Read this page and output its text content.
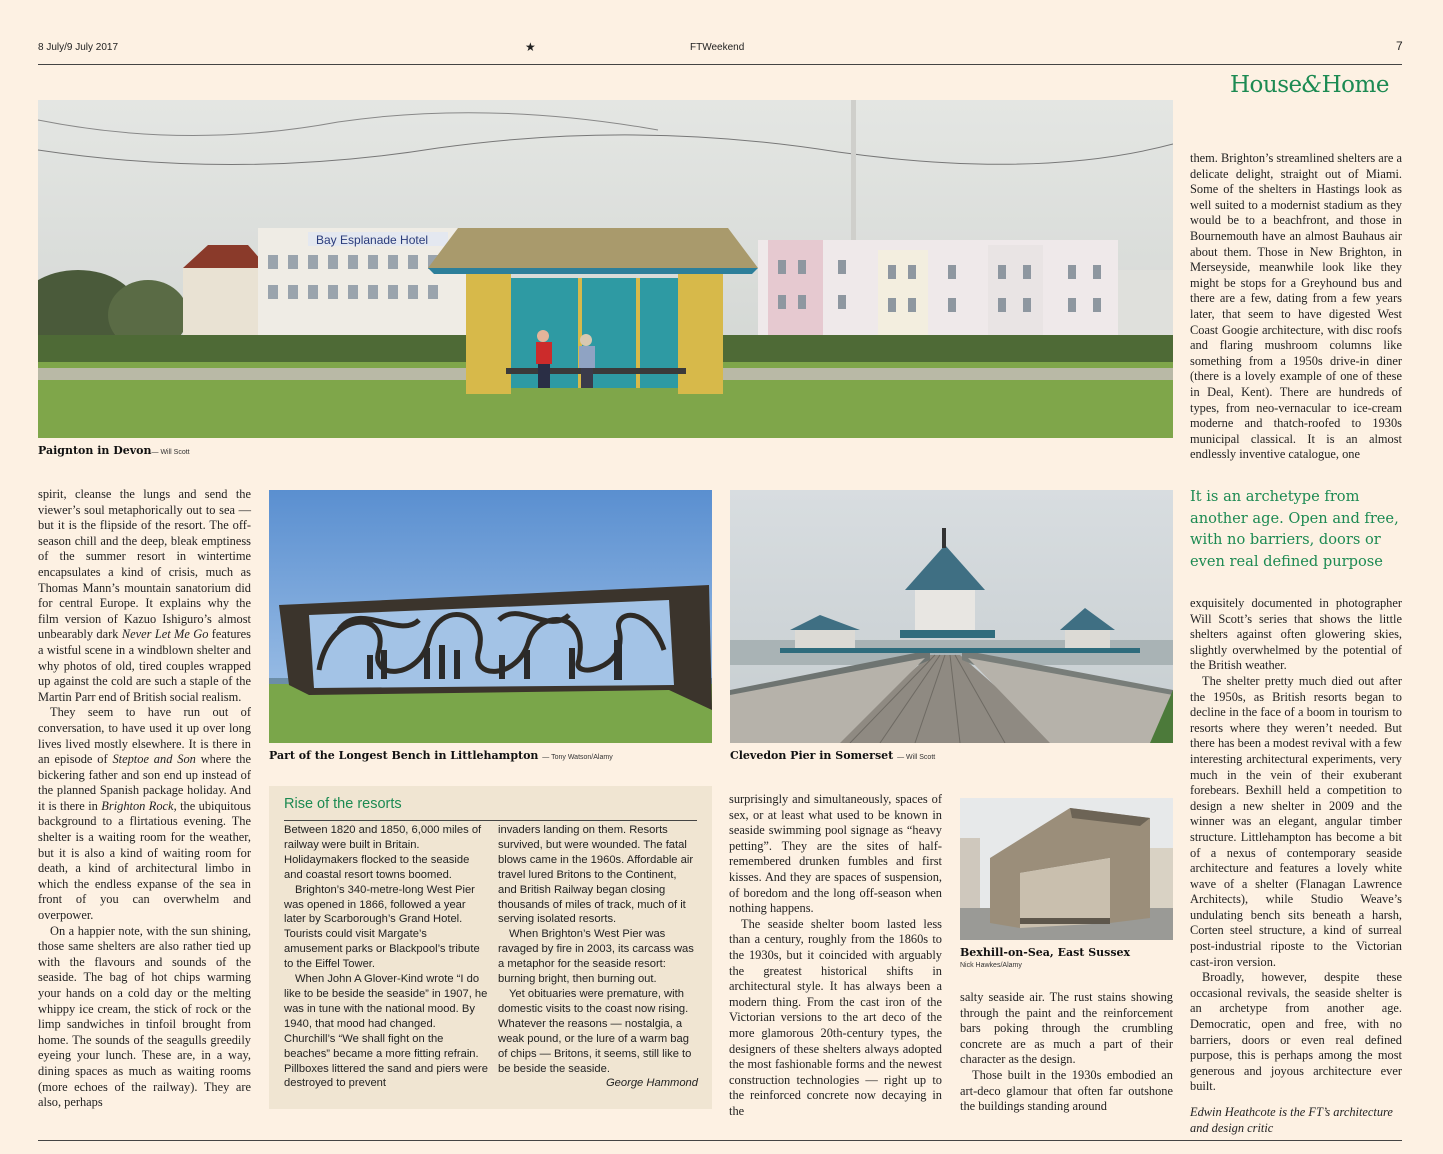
8 July/9 July 2017	★	FTWeekend	7
House&Home
Bay Esplanade Hotel
Paignton in Devon— Will Scott
them. Brighton’s streamlined shelters are a delicate delight, straight out of Miami. Some of the shelters in Hastings look as well suited to a modernist stadium as they would be to a beachfront, and those in Bournemouth have an almost Bauhaus air about them. Those in New Brighton, in Merseyside, meanwhile look like they might be stops for a Greyhound bus and there are a few, dating from a few years later, that seem to have digested West Coast Googie architecture, with disc roofs and flaring mushroom columns like something from a 1950s drive-in diner (there is a lovely example of one of these in Deal, Kent). There are hundreds of types, from neo-vernacular to ice-cream moderne and thatch-roofed to 1930s municipal classical. It is an almost endlessly inventive catalogue, one
It is an archetype from another age. Open and free, with no barriers, doors or even real defined purpose

exquisitely documented in photographer Will Scott’s series that shows the little shelters against often glowering skies, slightly overwhelmed by the potential of the British weather.

The shelter pretty much died out after the 1950s, as British resorts began to decline in the face of a boom in tourism to resorts where they weren’t needed. But there has been a modest revival with a few interesting architectural experiments, very much in the vein of their exuberant forebears. Bexhill held a competition to design a new shelter in 2009 and the winner was an elegant, angular timber structure. Littlehampton has become a bit of a nexus of contemporary seaside architecture and features a lovely white wave of a shelter (Flanagan Lawrence Architects), while Studio Weave’s undulating bench sits beneath a harsh, Corten steel structure, a kind of surreal post-industrial riposte to the Victorian cast-iron version.

Broadly, however, despite these occasional revivals, the seaside shelter is an archetype from another age. Democratic, open and free, with no barriers, doors or even real defined purpose, this is perhaps among the most generous and joyous architecture ever built.

Edwin Heathcote is the FT’s architecture and design critic

spirit, cleanse the lungs and send the viewer’s soul metaphorically out to sea — but it is the flipside of the resort. The off-season chill and the deep, bleak emptiness of the summer resort in wintertime encapsulates a kind of crisis, much as Thomas Mann’s mountain sanatorium did for central Europe. It explains why the film version of Kazuo Ishiguro’s almost unbearably dark Never Let Me Go features a wistful scene in a windblown shelter and why photos of old, tired couples wrapped up against the cold are such a staple of the Martin Parr end of British social realism.

They seem to have run out of conversation, to have used it up over long lives lived mostly elsewhere. It is there in an episode of Steptoe and Son where the bickering father and son end up instead of the planned Spanish package holiday. And it is there in Brighton Rock, the ubiquitous background to a flirtatious evening. The shelter is a waiting room for the weather, but it is also a kind of waiting room for death, a kind of architectural limbo in which the endless expanse of the sea in front of you can overwhelm and overpower.

On a happier note, with the sun shining, those same shelters are also rather tied up with the flavours and sounds of the seaside. The bag of hot chips warming your hands on a cold day or the melting whippy ice cream, the stick of rock or the limp sandwiches in tinfoil brought from home. The sounds of the seagulls greedily eyeing your lunch. These are, in a way, dining spaces as much as waiting rooms (more echoes of the railway). They are also, perhaps

Part of the Longest Bench in Littlehampton — Tony Watson/Alamy	Clevedon Pier in Somerset — Will Scott
Rise of the resorts

Between 1820 and 1850, 6,000 miles of railway were built in Britain. Holidaymakers flocked to the seaside and coastal resort towns boomed.

Brighton’s 340-metre-long West Pier was opened in 1866, followed a year later by Scarborough’s Grand Hotel. Tourists could visit Margate’s amusement parks or Blackpool’s tribute to the Eiffel Tower.

When John A Glover-Kind wrote “I do like to be beside the seaside” in 1907, he was in tune with the national mood. By 1940, that mood had changed. Churchill’s “We shall fight on the beaches” became a more fitting refrain. Pillboxes littered the sand and piers were destroyed to prevent

invaders landing on them. Resorts survived, but were wounded. The fatal blows came in the 1960s. Affordable air travel lured Britons to the Continent, and British Railway began closing thousands of miles of track, much of it serving isolated resorts.

When Brighton’s West Pier was ravaged by fire in 2003, its carcass was a metaphor for the seaside resort: burning bright, then burning out.

Yet obituaries were premature, with domestic visits to the coast now rising. Whatever the reasons — nostalgia, a weak pound, or the lure of a warm bag of chips — Britons, it seems, still like to be beside the seaside.

George Hammond

surprisingly and simultaneously, spaces of sex, or at least what used to be known in seaside swimming pool signage as “heavy petting”. They are the sites of half-remembered drunken fumbles and first kisses. And they are spaces of suspension, of boredom and the long off-season when nothing happens.

The seaside shelter boom lasted less than a century, roughly from the 1860s to the 1930s, but it coincided with arguably the greatest historical shifts in architectural style. It has always been a modern thing. From the cast iron of the Victorian versions to the art deco of the more glamorous 20th-century types, the designers of these shelters always adopted the most fashionable forms and the newest construction technologies — right up to the reinforced concrete now decaying in the

Bexhill-on-Sea, East Sussex
Nick Hawkes/Alamy

salty seaside air. The rust stains showing through the paint and the reinforcement bars poking through the crumbling concrete are as much a part of their character as the design.

Those built in the 1930s embodied an art-deco glamour that often far outshone the buildings standing around
